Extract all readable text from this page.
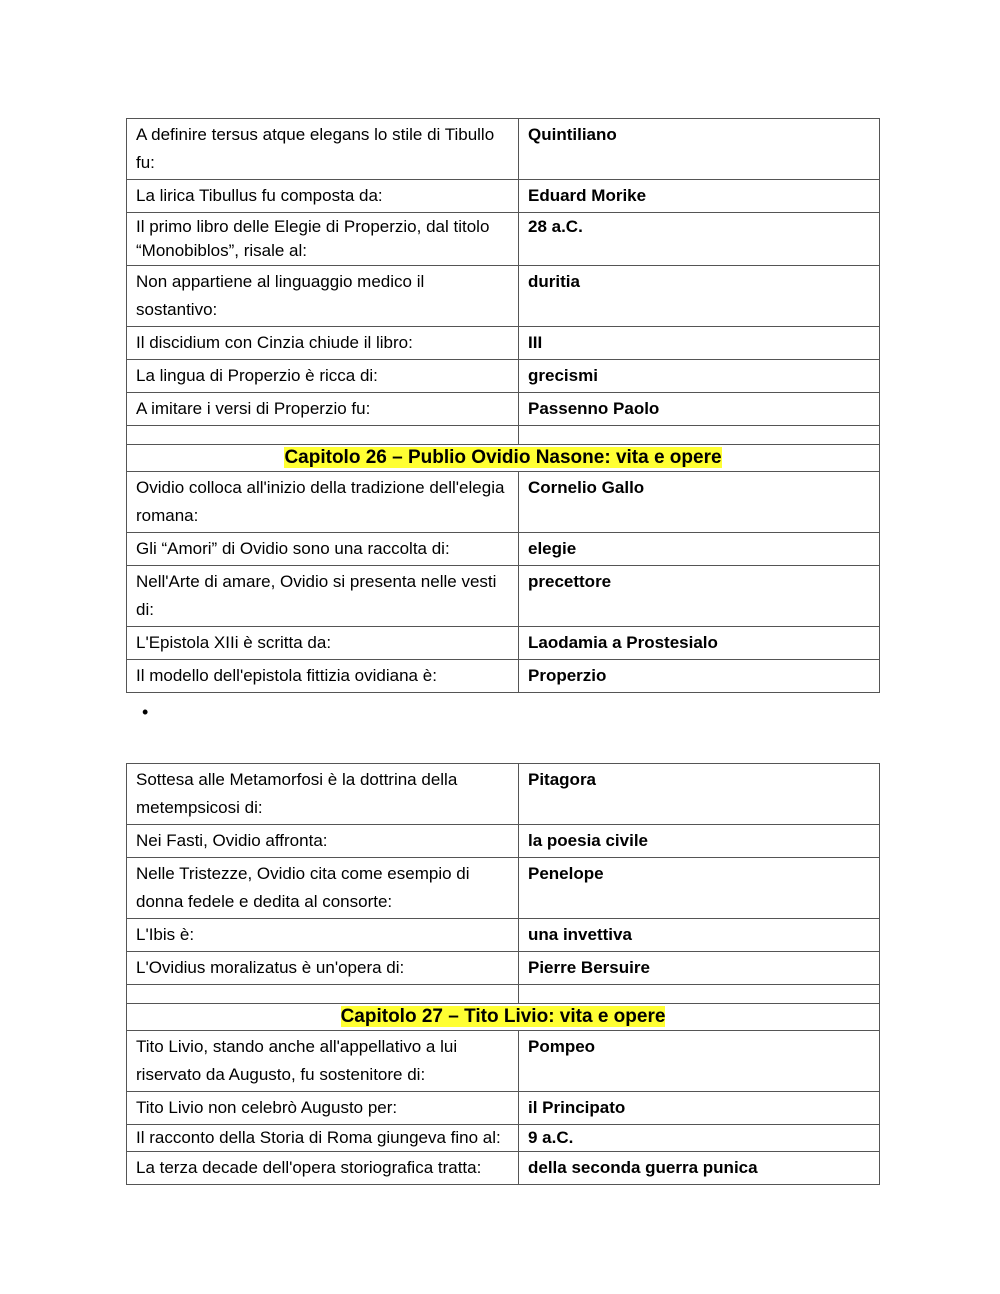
A definire tersus atque elegans lo stile di Tibullo fu:	Quintiliano
La lirica Tibullus fu composta da:	Eduard Morike
Il primo libro delle Elegie di Properzio, dal titolo “Monobiblos”, risale al:	28 a.C.
Non appartiene al linguaggio medico il sostantivo:	duritia
Il discidium con Cinzia chiude il libro:	III
La lingua di Properzio è ricca di:	grecismi
A imitare i versi di Properzio fu:	Passenno Paolo

Capitolo 26 – Publio Ovidio Nasone: vita e opere	
Ovidio colloca all'inizio della tradizione dell'elegia romana:	Cornelio Gallo
Gli “Amori” di Ovidio sono una raccolta di:	elegie
Nell'Arte di amare, Ovidio si presenta nelle vesti di:	precettore
L'Epistola XIIi è scritta da:	Laodamia a Prostesialo
Il modello dell'epistola fittizia ovidiana è:	Properzio
•
Sottesa alle Metamorfosi è la dottrina della metempsicosi di:	Pitagora
Nei Fasti, Ovidio affronta:	la poesia civile
Nelle Tristezze, Ovidio cita come esempio di donna fedele e dedita al consorte:	Penelope
L'Ibis è:	una invettiva
L'Ovidius moralizatus è un'opera di:	Pierre Bersuire

Capitolo 27 – Tito Livio: vita e opere	
Tito Livio, stando anche all'appellativo a lui riservato da Augusto, fu sostenitore di:	Pompeo
Tito Livio non celebrò Augusto per:	il Principato
Il racconto della Storia di Roma giungeva fino al:	9 a.C.
La terza decade dell'opera storiografica tratta:	della seconda guerra punica
